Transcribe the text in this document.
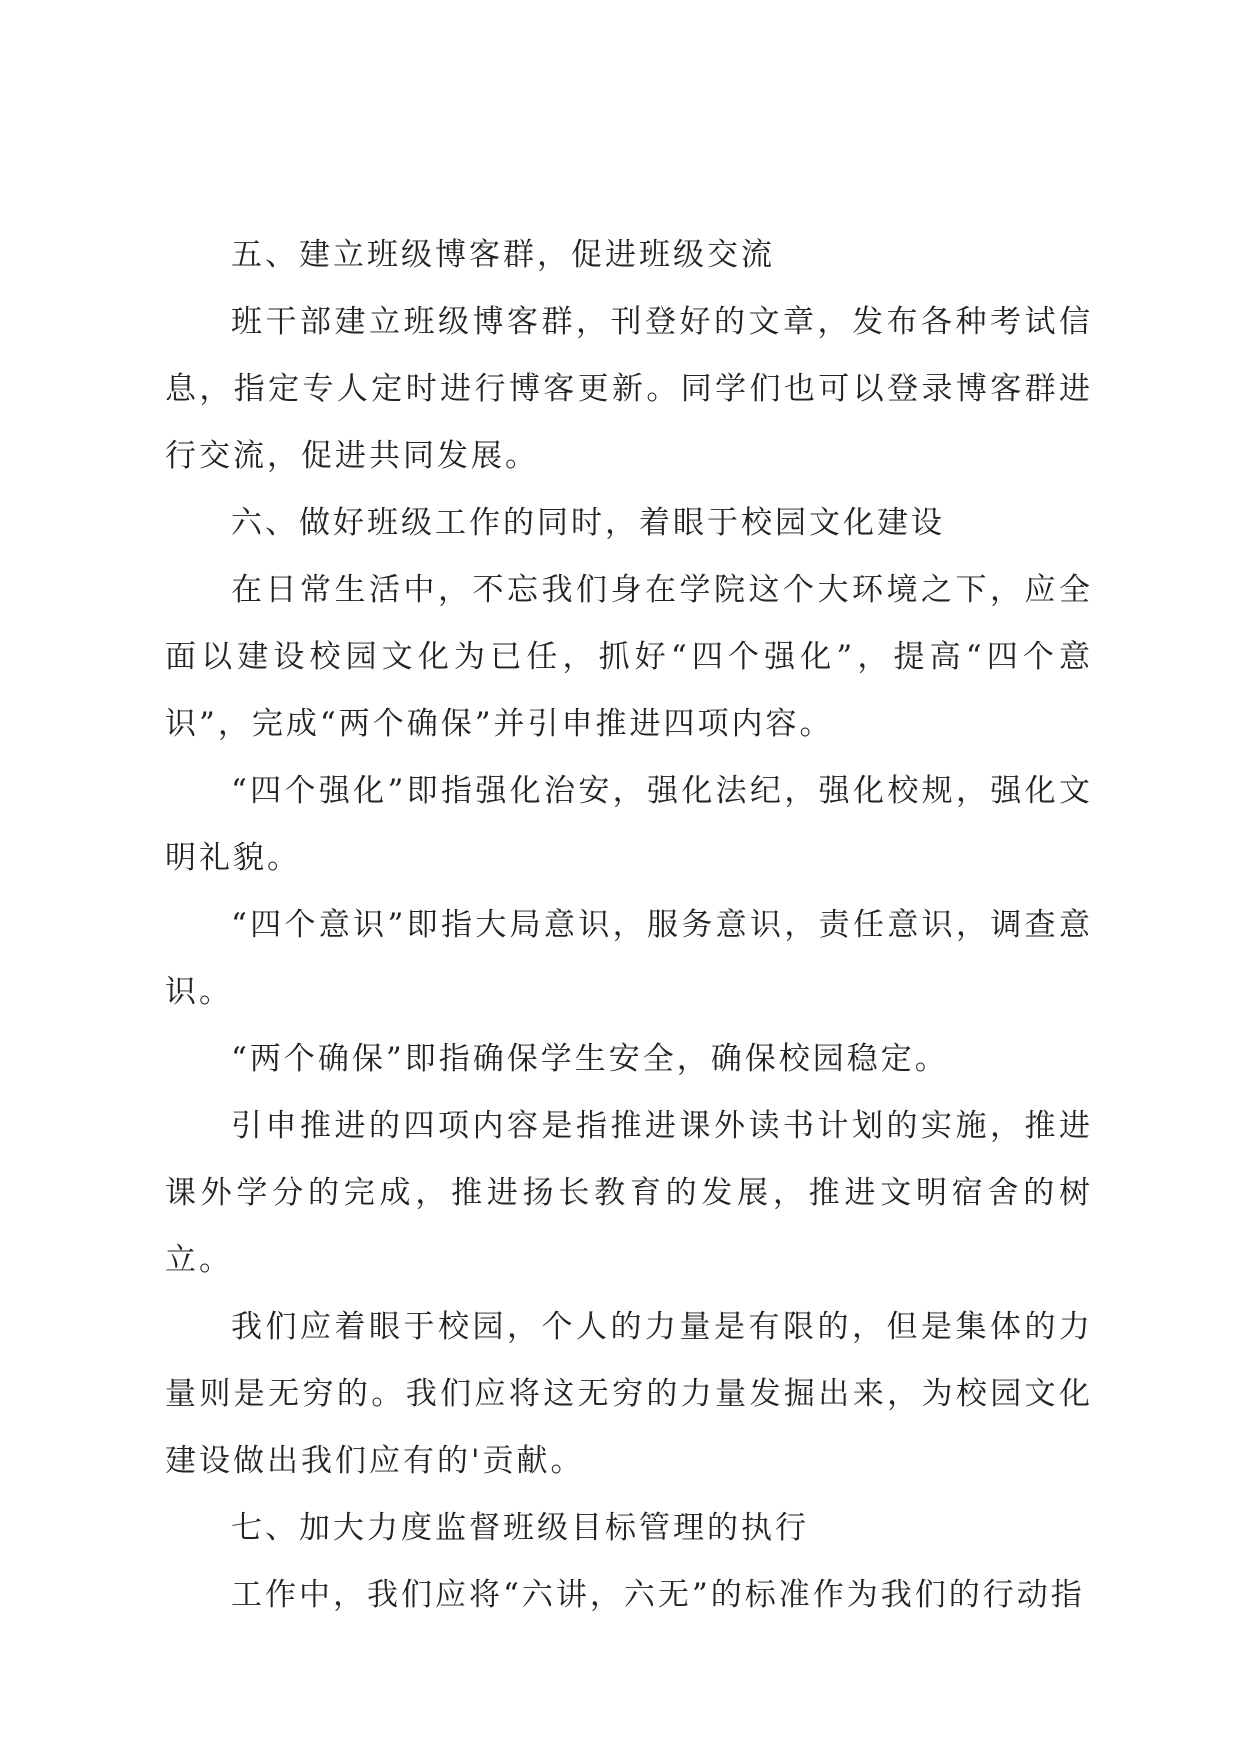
五、建立班级博客群，促进班级交流

班干部建立班级博客群，刊登好的文章，发布各种考试信息，指定专人定时进行博客更新。同学们也可以登录博客群进行交流，促进共同发展。

六、做好班级工作的同时，着眼于校园文化建设

在日常生活中，不忘我们身在学院这个大环境之下，应全面以建设校园文化为已任，抓好“四个强化”，提高“四个意识”，完成“两个确保”并引申推进四项内容。

“四个强化”即指强化治安，强化法纪，强化校规，强化文明礼貌。

“四个意识”即指大局意识，服务意识，责任意识，调查意识。

“两个确保”即指确保学生安全，确保校园稳定。

引申推进的四项内容是指推进课外读书计划的实施，推进课外学分的完成，推进扬长教育的发展，推进文明宿舍的树立。

我们应着眼于校园，个人的力量是有限的，但是集体的力量则是无穷的。我们应将这无穷的力量发掘出来，为校园文化建设做出我们应有的'贡献。

七、加大力度监督班级目标管理的执行

工作中，我们应将“六讲，六无”的标准作为我们的行动指
